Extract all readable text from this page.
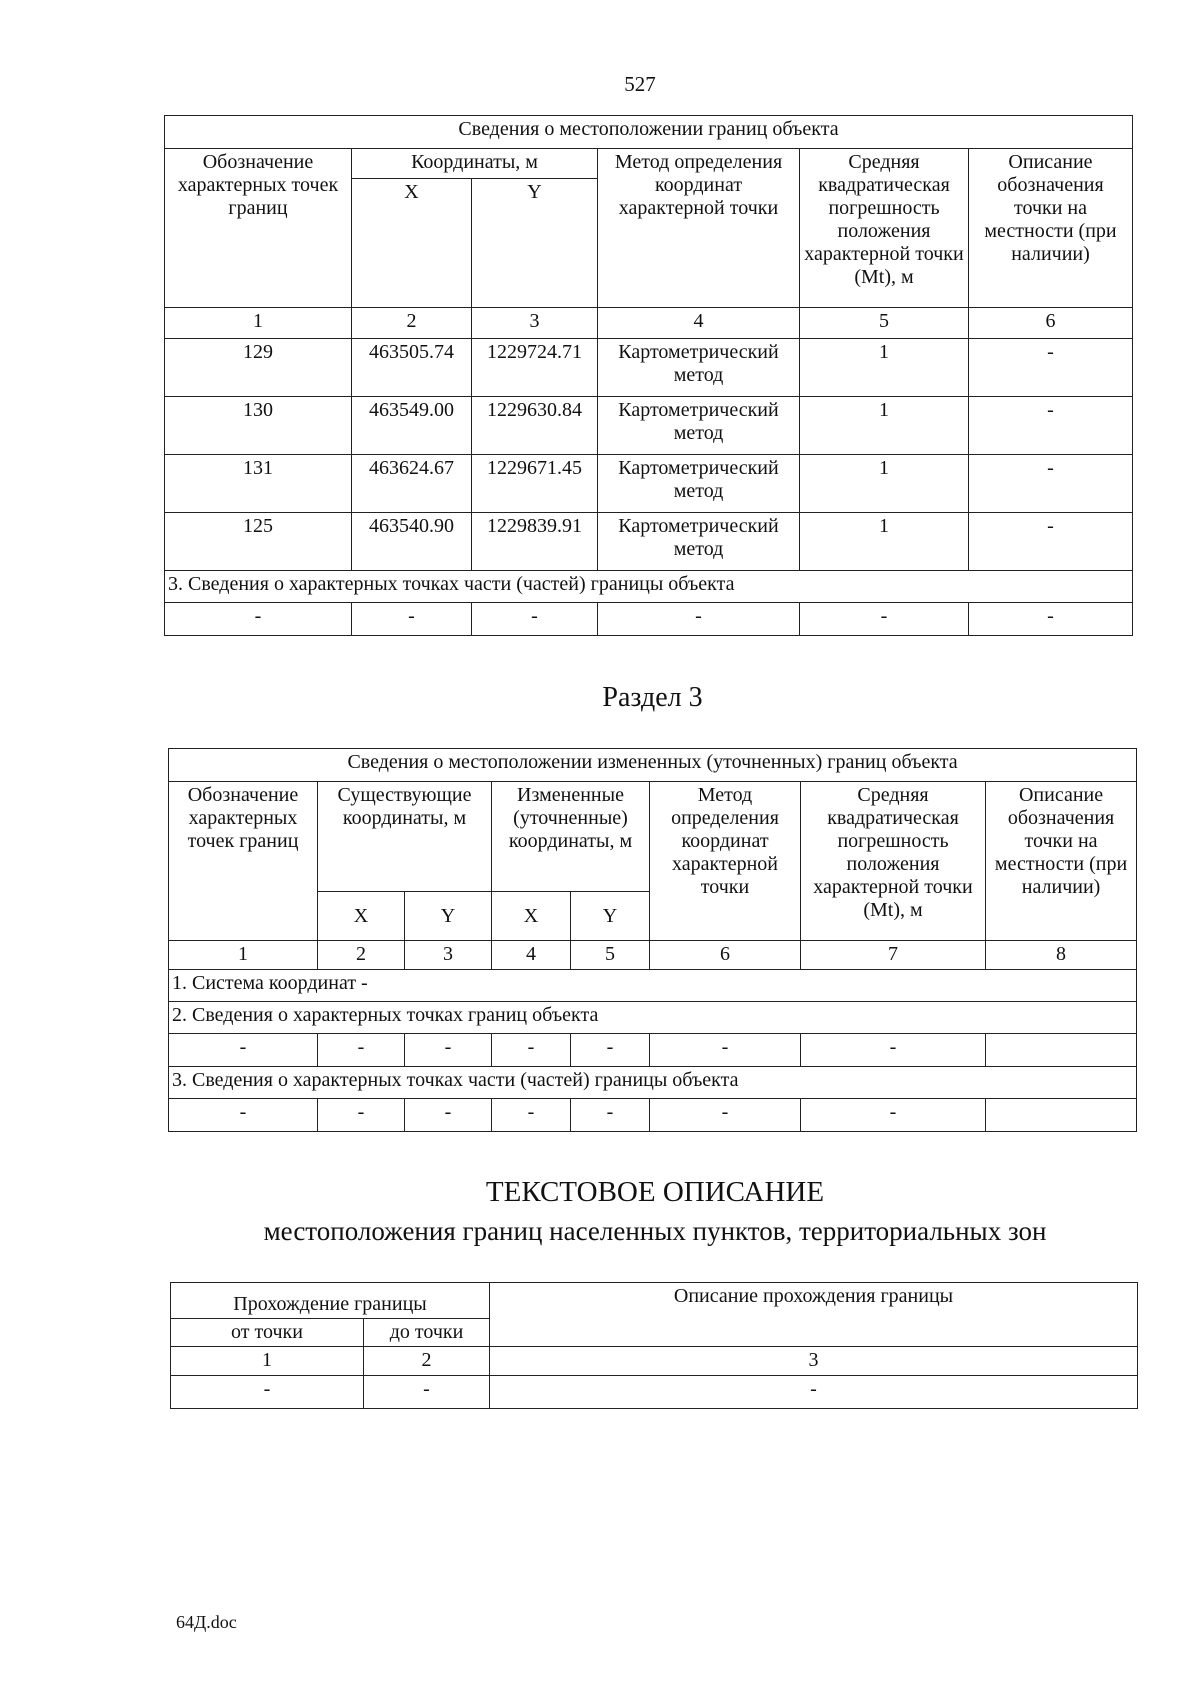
527
Сведения о местоположении границ объекта					
Обозначение характерных точек границ	Координаты, м		Метод определения координат характерной точки	Средняя квадратическая погрешность положения характерной точки (Mt), м	Описание обозначения точки на местности (при наличии)
	X	Y			
1	2	3	4	5	6
129	463505.74	1229724.71	Картометрический метод	1	-
130	463549.00	1229630.84	Картометрический метод	1	-
131	463624.67	1229671.45	Картометрический метод	1	-
125	463540.90	1229839.91	Картометрический метод	1	-
3. Сведения о характерных точках части (частей) границы объекта					
-	-	-	-	-	-
Раздел 3
Сведения о местоположении измененных (уточненных) границ объекта							
Обозначение характерных точек границ	Существующие координаты, м		Измененные (уточненные) координаты, м		Метод определения координат характерной точки	Средняя квадратическая погрешность положения характерной точки (Mt), м	Описание обозначения точки на местности (при наличии)
	X	Y	X	Y			
1	2	3	4	5	6	7	8
1. Система координат -							
2. Сведения о характерных точках границ объекта							
-	-	-	-	-	-	-	
3. Сведения о характерных точках части (частей) границы объекта							
-	-	-	-	-	-	-	
ТЕКСТОВОЕ ОПИСАНИЕ
местоположения границ населенных пунктов, территориальных зон
Прохождение границы		Описание прохождения границы
от точки	до точки	
1	2	3
-	-	-
64Д.doc
